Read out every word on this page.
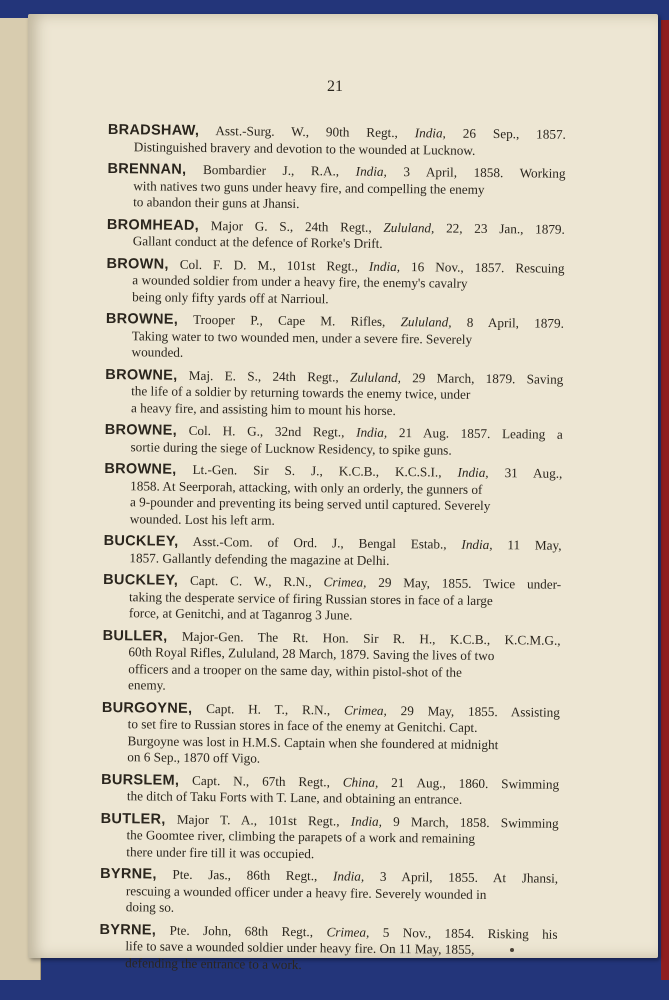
21
BRADSHAW, Asst.-Surg. W., 90th Regt., India, 26 Sep., 1857.
Distinguished bravery and devotion to the wounded at Lucknow.
BRENNAN, Bombardier J., R.A., India, 3 April, 1858. Working
with natives two guns under heavy fire, and compelling the enemy
to abandon their guns at Jhansi.
BROMHEAD, Major G. S., 24th Regt., Zululand, 22, 23 Jan., 1879.
Gallant conduct at the defence of Rorke's Drift.
BROWN, Col. F. D. M., 101st Regt., India, 16 Nov., 1857. Rescuing
a wounded soldier from under a heavy fire, the enemy's cavalry
being only fifty yards off at Narrioul.
BROWNE, Trooper P., Cape M. Rifles, Zululand, 8 April, 1879.
Taking water to two wounded men, under a severe fire. Severely
wounded.
BROWNE, Maj. E. S., 24th Regt., Zululand, 29 March, 1879. Saving
the life of a soldier by returning towards the enemy twice, under
a heavy fire, and assisting him to mount his horse.
BROWNE, Col. H. G., 32nd Regt., India, 21 Aug. 1857. Leading a
sortie during the siege of Lucknow Residency, to spike guns.
BROWNE, Lt.-Gen. Sir S. J., K.C.B., K.C.S.I., India, 31 Aug.,
1858. At Seerporah, attacking, with only an orderly, the gunners of
a 9-pounder and preventing its being served until captured. Severely
wounded. Lost his left arm.
BUCKLEY, Asst.-Com. of Ord. J., Bengal Estab., India, 11 May,
1857. Gallantly defending the magazine at Delhi.
BUCKLEY, Capt. C. W., R.N., Crimea, 29 May, 1855. Twice under-
taking the desperate service of firing Russian stores in face of a large
force, at Genitchi, and at Taganrog 3 June.
BULLER, Major-Gen. The Rt. Hon. Sir R. H., K.C.B., K.C.M.G.,
60th Royal Rifles, Zululand, 28 March, 1879. Saving the lives of two
officers and a trooper on the same day, within pistol-shot of the
enemy.
BURGOYNE, Capt. H. T., R.N., Crimea, 29 May, 1855. Assisting
to set fire to Russian stores in face of the enemy at Genitchi. Capt.
Burgoyne was lost in H.M.S. Captain when she foundered at midnight
on 6 Sep., 1870 off Vigo.
BURSLEM, Capt. N., 67th Regt., China, 21 Aug., 1860. Swimming
the ditch of Taku Forts with T. Lane, and obtaining an entrance.
BUTLER, Major T. A., 101st Regt., India, 9 March, 1858. Swimming
the Goomtee river, climbing the parapets of a work and remaining
there under fire till it was occupied.
BYRNE, Pte. Jas., 86th Regt., India, 3 April, 1855. At Jhansi,
rescuing a wounded officer under a heavy fire. Severely wounded in
doing so.
BYRNE, Pte. John, 68th Regt., Crimea, 5 Nov., 1854. Risking his
life to save a wounded soldier under heavy fire. On 11 May, 1855,
defending the entrance to a work.
